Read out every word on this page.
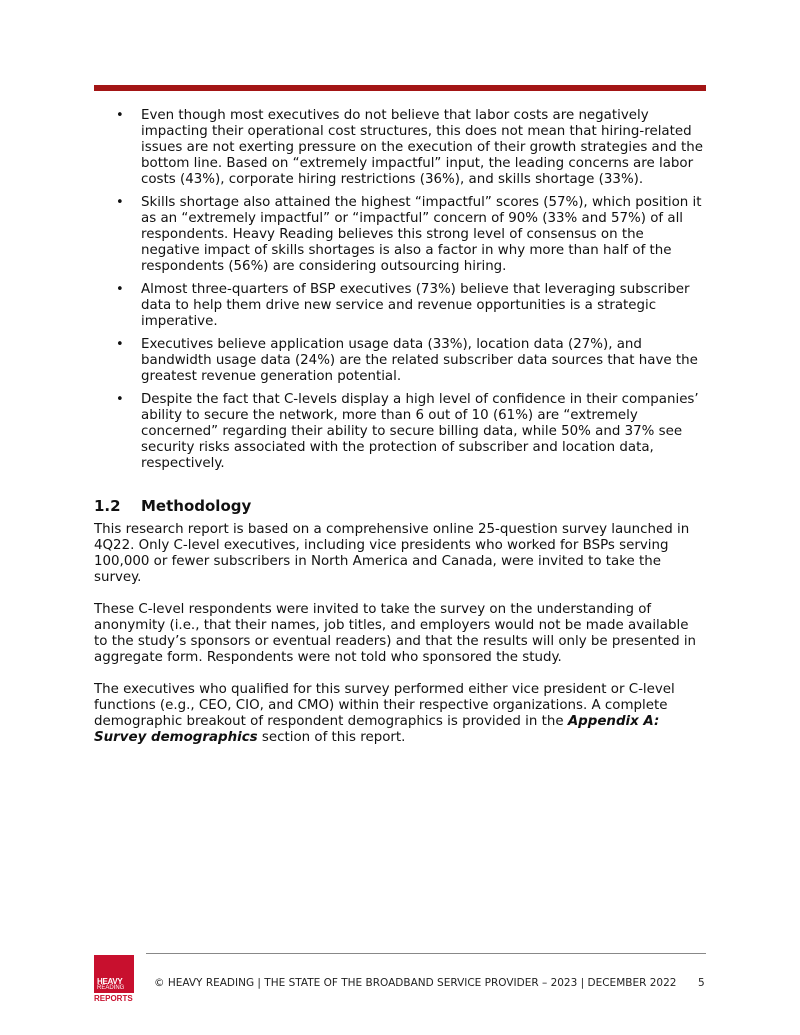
• Even though most executives do not believe that labor costs are negatively impacting their operational cost structures, this does not mean that hiring-related issues are not exerting pressure on the execution of their growth strategies and the bottom line. Based on “extremely impactful” input, the leading concerns are labor costs (43%), corporate hiring restrictions (36%), and skills shortage (33%).
• Skills shortage also attained the highest “impactful” scores (57%), which position it as an “extremely impactful” or “impactful” concern of 90% (33% and 57%) of all respondents. Heavy Reading believes this strong level of consensus on the negative impact of skills shortages is also a factor in why more than half of the respondents (56%) are considering outsourcing hiring.
• Almost three-quarters of BSP executives (73%) believe that leveraging subscriber data to help them drive new service and revenue opportunities is a strategic imperative.
• Executives believe application usage data (33%), location data (27%), and bandwidth usage data (24%) are the related subscriber data sources that have the greatest revenue generation potential.
• Despite the fact that C-levels display a high level of confidence in their companies’ ability to secure the network, more than 6 out of 10 (61%) are “extremely concerned” regarding their ability to secure billing data, while 50% and 37% see security risks associated with the protection of subscriber and location data, respectively.
1.2 Methodology

This research report is based on a comprehensive online 25-question survey launched in 4Q22. Only C-level executives, including vice presidents who worked for BSPs serving 100,000 or fewer subscribers in North America and Canada, were invited to take the survey.

These C-level respondents were invited to take the survey on the understanding of anonymity (i.e., that their names, job titles, and employers would not be made available to the study’s sponsors or eventual readers) and that the results will only be presented in aggregate form. Respondents were not told who sponsored the study.

The executives who qualified for this survey performed either vice president or C-level functions (e.g., CEO, CIO, and CMO) within their respective organizations. A complete demographic breakout of respondent demographics is provided in the Appendix A: Survey demographics section of this report.

HEAVY
READING
REPORTS
© HEAVY READING | THE STATE OF THE BROADBAND SERVICE PROVIDER – 2023 | DECEMBER 2022 5
